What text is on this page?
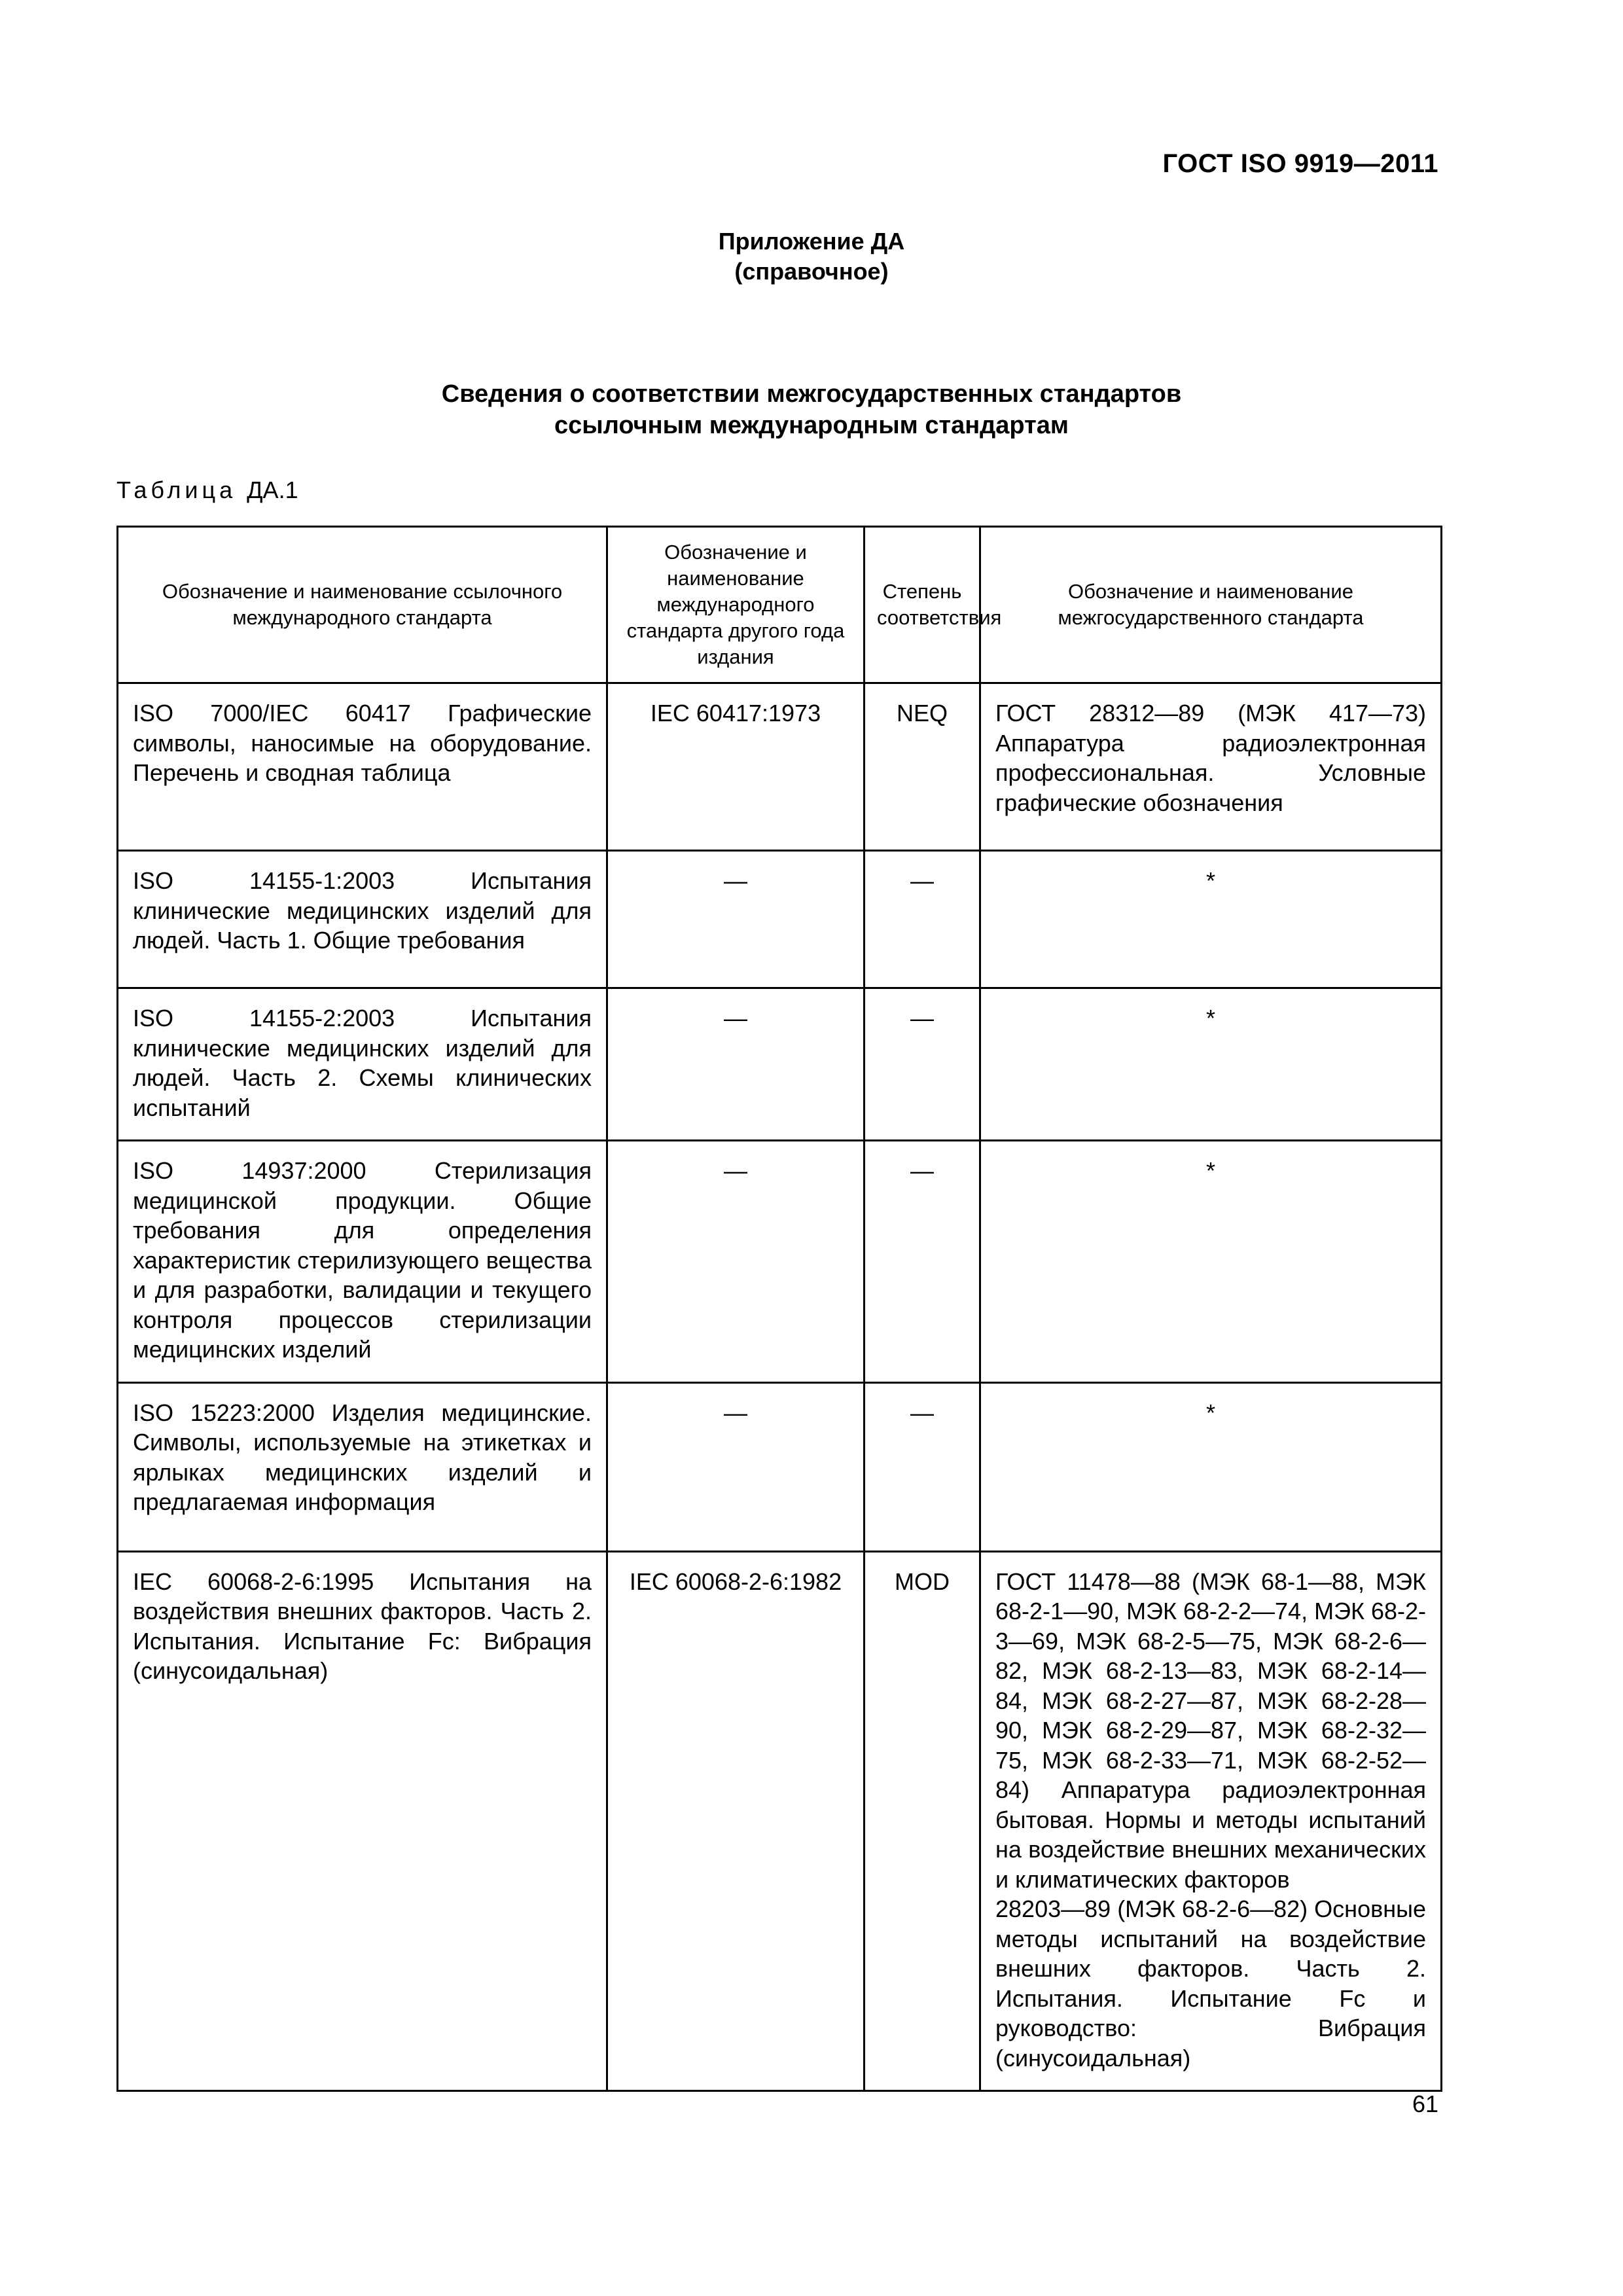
ГОСТ ISO 9919—2011
Приложение ДА
(справочное)
Сведения о соответствии межгосударственных стандартов
ссылочным международным стандартам
Таблица ДА.1
Обозначение и наименование ссылочного международного стандарта	Обозначение и наименование международного стандарта другого года издания	Степень соответствия	Обозначение и наименование межгосударственного стандарта
ISO 7000/IEC 60417 Графические символы, наносимые на оборудование. Перечень и сводная таблица	IEC 60417:1973	NEQ	ГОСТ 28312—89 (МЭК 417—73) Аппаратура радиоэлектронная профессиональная. Условные графические обозначения
ISO 14155-1:2003 Испытания клинические медицинских изделий для людей. Часть 1. Общие требования	—	—	*
ISO 14155-2:2003 Испытания клинические медицинских изделий для людей. Часть 2. Схемы клинических испытаний	—	—	*
ISO 14937:2000 Стерилизация медицинской продукции. Общие требования для определения характеристик стерилизующего вещества и для разработки, валидации и текущего контроля процессов стерилизации медицинских изделий	—	—	*
ISO 15223:2000 Изделия медицинские. Символы, используемые на этикетках и ярлыках медицинских изделий и предлагаемая информация	—	—	*
IEC 60068-2-6:1995 Испытания на воздействия внешних факторов. Часть 2. Испытания. Испытание Fc: Вибрация (синусоидальная)	IEC 60068-2-6:1982	MOD	ГОСТ 11478—88 (МЭК 68-1—88, МЭК 68-2-1—90, МЭК 68-2-2—74, МЭК 68-2-3—69, МЭК 68-2-5—75, МЭК 68-2-6—82, МЭК 68-2-13—83, МЭК 68-2-14—84, МЭК 68-2-27—87, МЭК 68-2-28—90, МЭК 68-2-29—87, МЭК 68-2-32—75, МЭК 68-2-33—71, МЭК 68-2-52—84) Аппаратура радиоэлектронная бытовая. Нормы и методы испытаний на воздействие внешних механических и климатических факторов
28203—89 (МЭК 68-2-6—82) Основные методы испытаний на воздействие внешних факторов. Часть 2. Испытания. Испытание Fc и руководство: Вибрация (синусоидальная)
61
